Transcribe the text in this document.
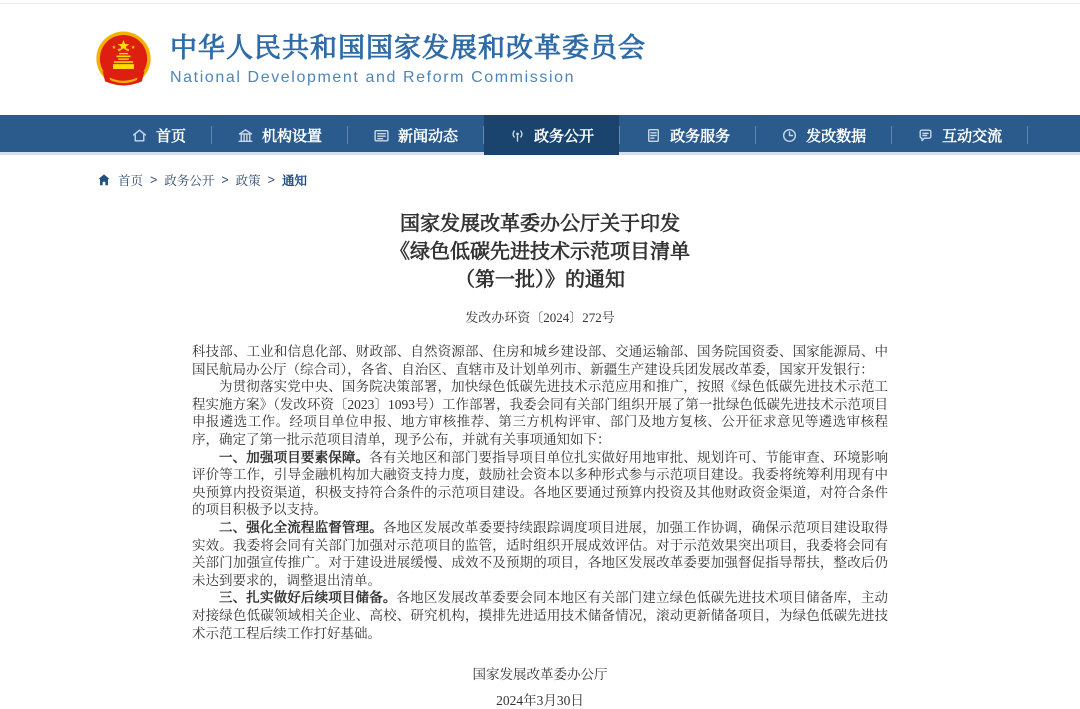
中华人民共和国国家发展和改革委员会
National Development and Reform Commission
首页	机构设置	新闻动态	政务公开	政务服务	发改数据	互动交流
首页 > 政务公开 > 政策 > 通知
国家发展改革委办公厅关于印发
《绿色低碳先进技术示范项目清单
（第一批）》的通知
发改办环资〔2024〕272号

科技部、工业和信息化部、财政部、自然资源部、住房和城乡建设部、交通运输部、国务院国资委、国家能源局、中国民航局办公厅（综合司），各省、自治区、直辖市及计划单列市、新疆生产建设兵团发展改革委，国家开发银行：

为贯彻落实党中央、国务院决策部署，加快绿色低碳先进技术示范应用和推广，按照《绿色低碳先进技术示范工程实施方案》（发改环资〔2023〕1093号）工作部署，我委会同有关部门组织开展了第一批绿色低碳先进技术示范项目申报遴选工作。经项目单位申报、地方审核推荐、第三方机构评审、部门及地方复核、公开征求意见等遴选审核程序，确定了第一批示范项目清单，现予公布，并就有关事项通知如下：

一、加强项目要素保障。各有关地区和部门要指导项目单位扎实做好用地审批、规划许可、节能审查、环境影响评价等工作，引导金融机构加大融资支持力度，鼓励社会资本以多种形式参与示范项目建设。我委将统筹利用现有中央预算内投资渠道，积极支持符合条件的示范项目建设。各地区要通过预算内投资及其他财政资金渠道，对符合条件的项目积极予以支持。

二、强化全流程监督管理。各地区发展改革委要持续跟踪调度项目进展，加强工作协调，确保示范项目建设取得实效。我委将会同有关部门加强对示范项目的监管，适时组织开展成效评估。对于示范效果突出项目，我委将会同有关部门加强宣传推广。对于建设进展缓慢、成效不及预期的项目，各地区发展改革委要加强督促指导帮扶，整改后仍未达到要求的，调整退出清单。

三、扎实做好后续项目储备。各地区发展改革委要会同本地区有关部门建立绿色低碳先进技术项目储备库，主动对接绿色低碳领域相关企业、高校、研究机构，摸排先进适用技术储备情况，滚动更新储备项目，为绿色低碳先进技术示范工程后续工作打好基础。

国家发展改革委办公厅
2024年3月30日
